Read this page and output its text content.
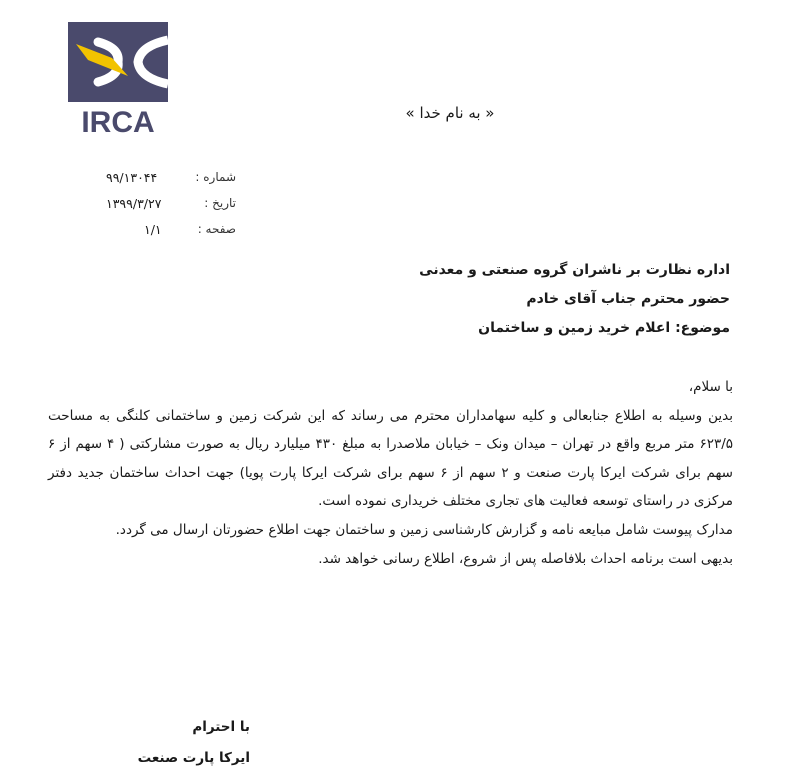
IRCA	« به نام خدا »
شماره :
۹۹/۱۳۰۴۴
تاریخ :
۱۳۹۹/۳/۲۷
صفحه :
۱/۱
اداره نظارت بر ناشران گروه صنعتی و معدنی
حضور محترم جناب آقای خادم
موضوع: اعلام خرید زمین و ساختمان

با سلام،

بدین وسیله به اطلاع جنابعالی و کلیه سهامداران محترم می رساند که این شرکت زمین و ساختمانی کلنگی به مساحت ۶۲۳/۵ متر مربع واقع در تهران – میدان ونک – خیابان ملاصدرا به مبلغ ۴۳۰ میلیارد ریال به صورت مشارکتی ( ۴ سهم از ۶ سهم برای شرکت ایرکا پارت صنعت و ۲ سهم از ۶ سهم برای شرکت ایرکا پارت پویا) جهت احداث ساختمان جدید دفتر مرکزی در راستای توسعه فعالیت های تجاری مختلف خریداری نموده است.

مدارک پیوست شامل مبایعه نامه و گزارش کارشناسی زمین و ساختمان جهت اطلاع حضورتان ارسال می گردد.

بدیهی است برنامه احداث بلافاصله پس از شروع، اطلاع رسانی خواهد شد.

با احترام
ایرکا پارت صنعت
